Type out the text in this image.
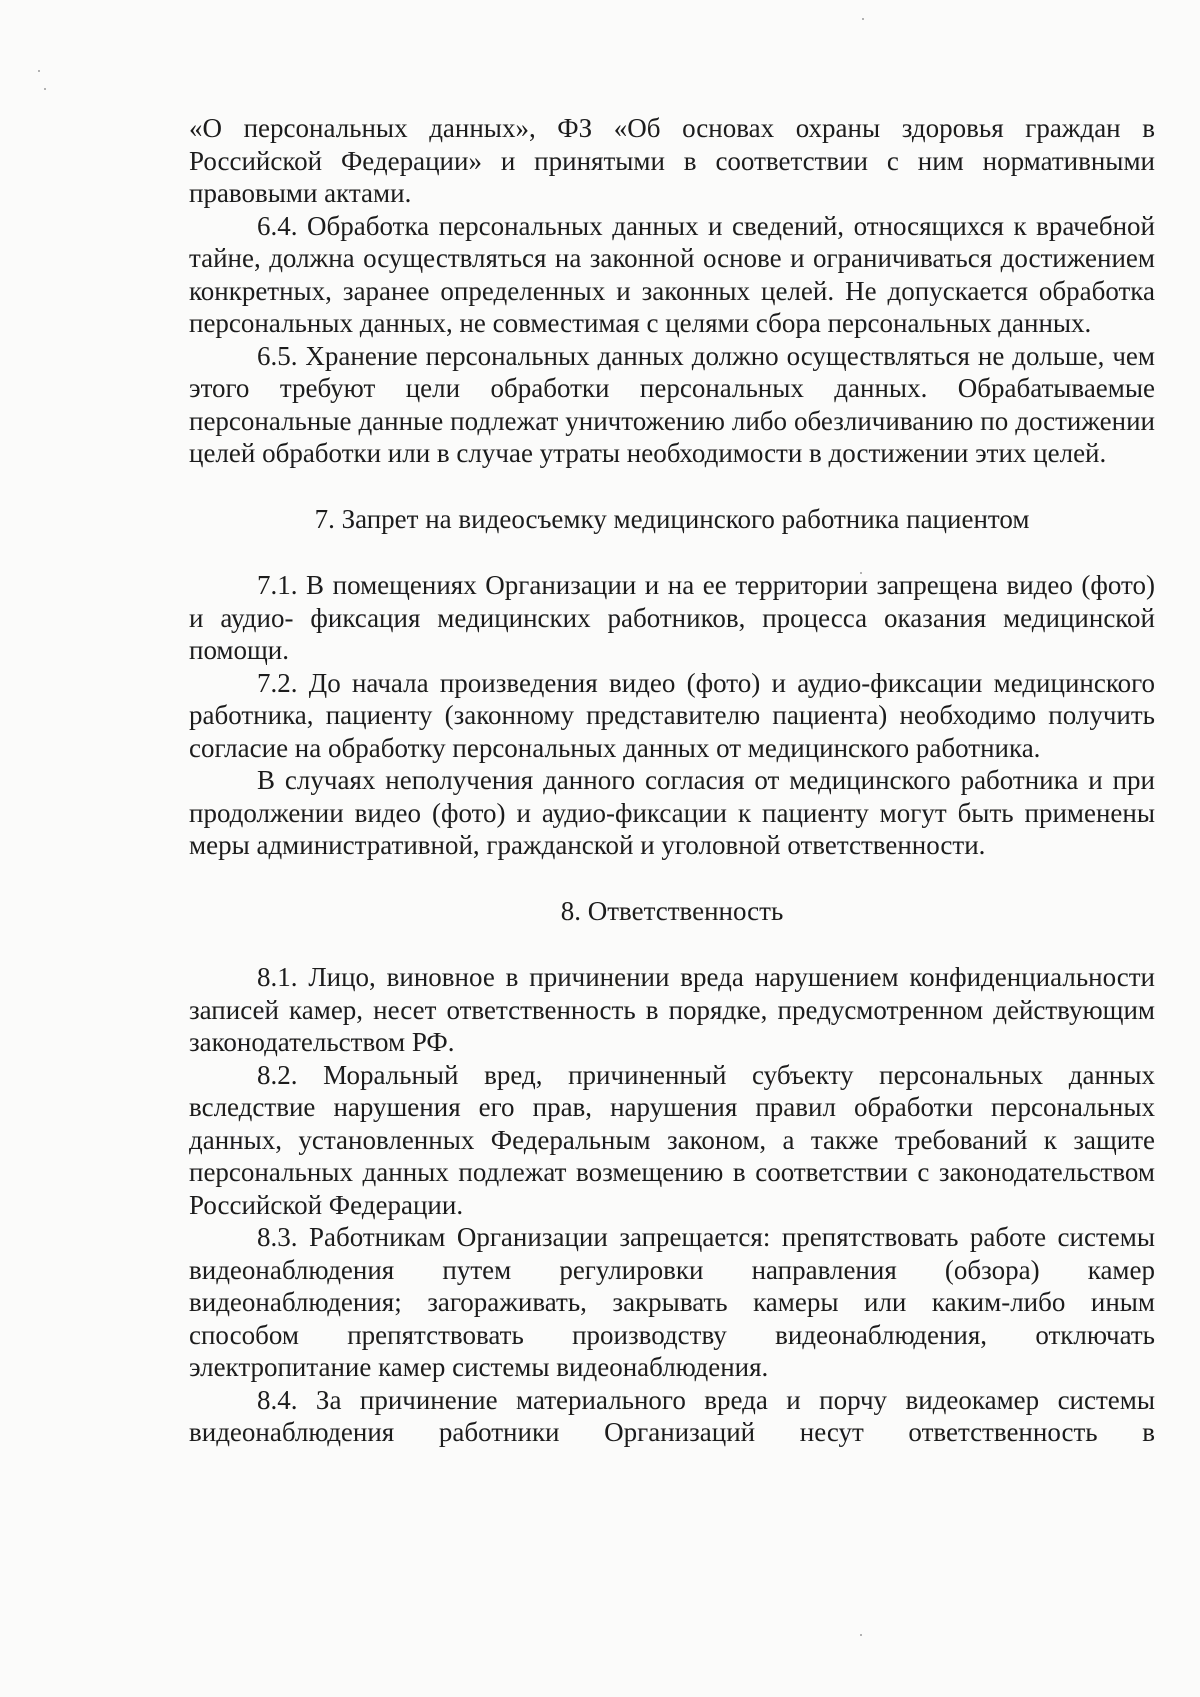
«О персональных данных», ФЗ «Об основах охраны здоровья граждан в Российской Федерации» и принятыми в соответствии с ним нормативными правовыми актами.

6.4. Обработка персональных данных и сведений, относящихся к врачебной тайне, должна осуществляться на законной основе и ограничиваться достижением конкретных, заранее определенных и законных целей. Не допускается обработка персональных данных, не совместимая с целями сбора персональных данных.

6.5. Хранение персональных данных должно осуществляться не дольше, чем этого требуют цели обработки персональных данных. Обрабатываемые персональные данные подлежат уничтожению либо обезличиванию по достижении целей обработки или в случае утраты необходимости в достижении этих целей.

7. Запрет на видеосъемку медицинского работника пациентом

7.1. В помещениях Организации и на ее территории запрещена видео (фото) и аудио- фиксация медицинских работников, процесса оказания медицинской помощи.

7.2. До начала произведения видео (фото) и аудио-фиксации медицинского работника, пациенту (законному представителю пациента) необходимо получить согласие на обработку персональных данных от медицинского работника.

В случаях неполучения данного согласия от медицинского работника и при продолжении видео (фото) и аудио-фиксации к пациенту могут быть применены меры административной, гражданской и уголовной ответственности.

8. Ответственность

8.1. Лицо, виновное в причинении вреда нарушением конфиденциальности записей камер, несет ответственность в порядке, предусмотренном действующим законодательством РФ.

8.2. Моральный вред, причиненный субъекту персональных данных вследствие нарушения его прав, нарушения правил обработки персональных данных, установленных Федеральным законом, а также требований к защите персональных данных подлежат возмещению в соответствии с законодательством Российской Федерации.

8.3. Работникам Организации запрещается: препятствовать работе системы видеонаблюдения путем регулировки направления (обзора) камер видеонаблюдения; загораживать, закрывать камеры или каким-либо иным способом препятствовать производству видеонаблюдения, отключать электропитание камер системы видеонаблюдения.

8.4. За причинение материального вреда и порчу видеокамер системы видеонаблюдения работники Организаций несут ответственность в
